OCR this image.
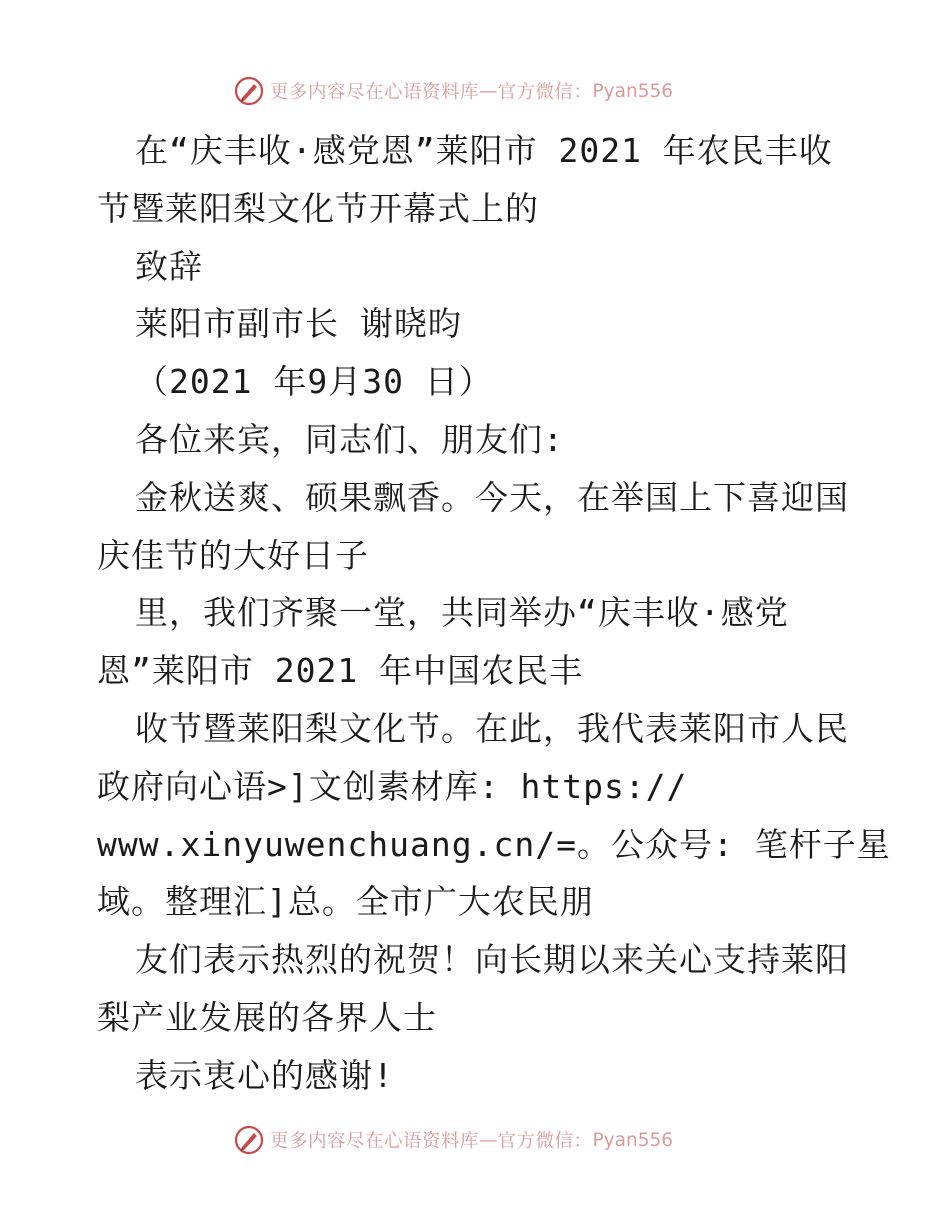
更多内容尽在心语资料库 — 官方微信： Pyan556
在“庆丰收·感党恩”莱阳市 2021 年农民丰收
节暨莱阳梨文化节开幕式上的
致辞
莱阳市副市长 谢晓昀
（2021 年9月30 日）
各位来宾，同志们、朋友们:
金秋送爽、硕果飘香。今天，在举国上下喜迎国
庆佳节的大好日子
里，我们齐聚一堂，共同举办“庆丰收·感党
恩”莱阳市 2021 年中国农民丰
收节暨莱阳梨文化节。在此，我代表莱阳市人民
政府向心语>]文创素材库: https://
www.xinyuwenchuang.cn/=。公众号: 笔杆子星
域。整理汇]总。全市广大农民朋
友们表示热烈的祝贺！向长期以来关心支持莱阳
梨产业发展的各界人士
表示衷心的感谢!
更多内容尽在心语资料库 — 官方微信： Pyan556
